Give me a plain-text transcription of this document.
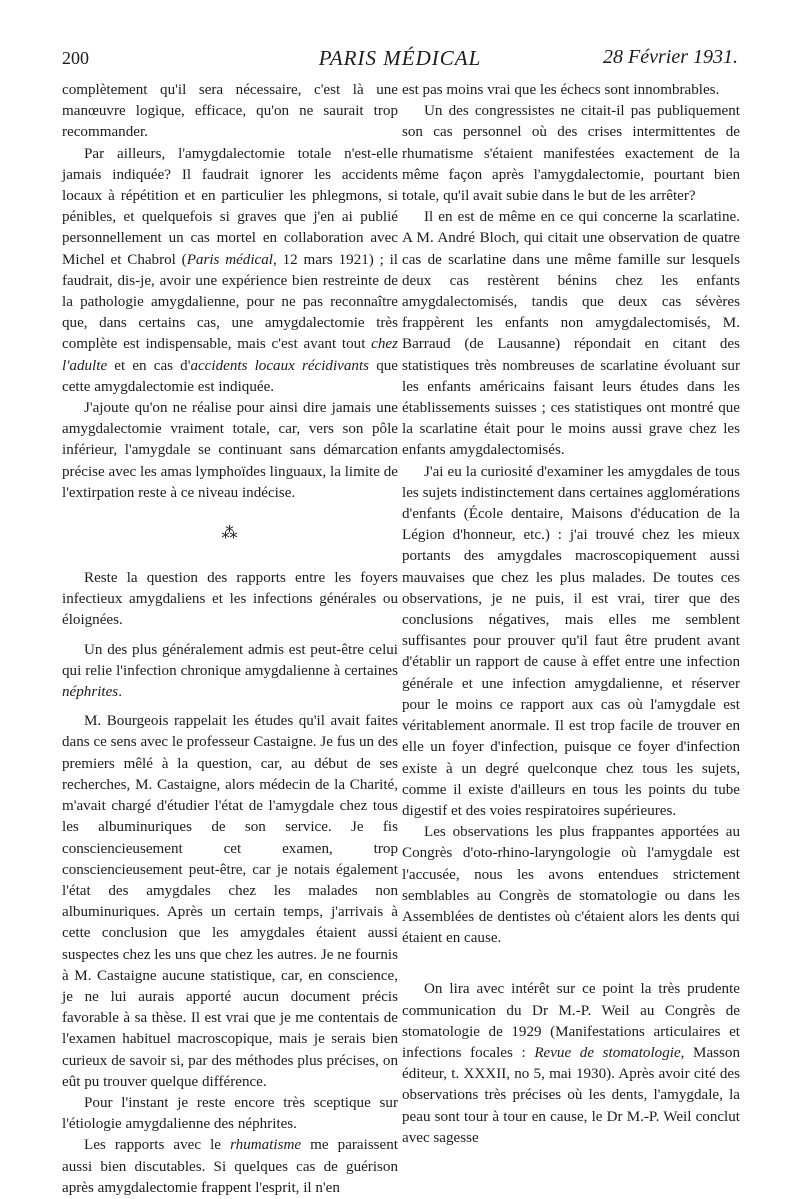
200	PARIS MÉDICAL	28 Février 1931.

complètement qu'il sera nécessaire, c'est là une manœuvre logique, efficace, qu'on ne saurait trop recommander.

Par ailleurs, l'amygdalectomie totale n'est-elle jamais indiquée? Il faudrait ignorer les accidents locaux à répétition et en particulier les phlegmons, si pénibles, et quelquefois si graves que j'en ai publié personnellement un cas mortel en collaboration avec Michel et Chabrol (Paris médical, 12 mars 1921) ; il faudrait, dis-je, avoir une expérience bien restreinte de la pathologie amygdalienne, pour ne pas reconnaître que, dans certains cas, une amygdalectomie très complète est indispensable, mais c'est avant tout chez l'adulte et en cas d'accidents locaux récidivants que cette amygdalectomie est indiquée.

J'ajoute qu'on ne réalise pour ainsi dire jamais une amygdalectomie vraiment totale, car, vers son pôle inférieur, l'amygdale se continuant sans démarcation précise avec les amas lymphoïdes linguaux, la limite de l'extirpation reste à ce niveau indécise.

⁂

Reste la question des rapports entre les foyers infectieux amygdaliens et les infections générales ou éloignées.

Un des plus généralement admis est peut-être celui qui relie l'infection chronique amygdalienne à certaines néphrites.

M. Bourgeois rappelait les études qu'il avait faites dans ce sens avec le professeur Castaigne. Je fus un des premiers mêlé à la question, car, au début de ses recherches, M. Castaigne, alors médecin de la Charité, m'avait chargé d'étudier l'état de l'amygdale chez tous les albuminuriques de son service. Je fis consciencieusement cet examen, trop consciencieusement peut-être, car je notais également l'état des amygdales chez les malades non albuminuriques. Après un certain temps, j'arrivais à cette conclusion que les amygdales étaient aussi suspectes chez les uns que chez les autres. Je ne fournis à M. Castaigne aucune statistique, car, en conscience, je ne lui aurais apporté aucun document précis favorable à sa thèse. Il est vrai que je me contentais de l'examen habituel macroscopique, mais je serais bien curieux de savoir si, par des méthodes plus précises, on eût pu trouver quelque différence.

Pour l'instant je reste encore très sceptique sur l'étiologie amygdalienne des néphrites.

Les rapports avec le rhumatisme me paraissent aussi bien discutables. Si quelques cas de guérison après amygdalectomie frappent l'esprit, il n'en

est pas moins vrai que les échecs sont innombrables.

Un des congressistes ne citait-il pas publiquement son cas personnel où des crises intermittentes de rhumatisme s'étaient manifestées exactement de la même façon après l'amygdalectomie, pourtant bien totale, qu'il avait subie dans le but de les arrêter?

Il en est de même en ce qui concerne la scarlatine. A M. André Bloch, qui citait une observation de quatre cas de scarlatine dans une même famille sur lesquels deux cas restèrent bénins chez les enfants amygdalectomisés, tandis que deux cas sévères frappèrent les enfants non amygdalectomisés, M. Barraud (de Lausanne) répondait en citant des statistiques très nombreuses de scarlatine évoluant sur les enfants américains faisant leurs études dans les établissements suisses ; ces statistiques ont montré que la scarlatine était pour le moins aussi grave chez les enfants amygdalectomisés.

J'ai eu la curiosité d'examiner les amygdales de tous les sujets indistinctement dans certaines agglomérations d'enfants (École dentaire, Maisons d'éducation de la Légion d'honneur, etc.) : j'ai trouvé chez les mieux portants des amygdales macroscopiquement aussi mauvaises que chez les plus malades. De toutes ces observations, je ne puis, il est vrai, tirer que des conclusions négatives, mais elles me semblent suffisantes pour prouver qu'il faut être prudent avant d'établir un rapport de cause à effet entre une infection générale et une infection amygdalienne, et réserver pour le moins ce rapport aux cas où l'amygdale est véritablement anormale. Il est trop facile de trouver en elle un foyer d'infection, puisque ce foyer d'infection existe à un degré quelconque chez tous les sujets, comme il existe d'ailleurs en tous les points du tube digestif et des voies respiratoires supérieures.

Les observations les plus frappantes apportées au Congrès d'oto-rhino-laryngologie où l'amygdale est l'accusée, nous les avons entendues strictement semblables au Congrès de stomatologie ou dans les Assemblées de dentistes où c'étaient alors les dents qui étaient en cause.

On lira avec intérêt sur ce point la très prudente communication du Dr M.-P. Weil au Congrès de stomatologie de 1929 (Manifestations articulaires et infections focales : Revue de stomatologie, Masson éditeur, t. XXXII, no 5, mai 1930). Après avoir cité des observations très précises où les dents, l'amygdale, la peau sont tour à tour en cause, le Dr M.-P. Weil conclut avec sagesse
